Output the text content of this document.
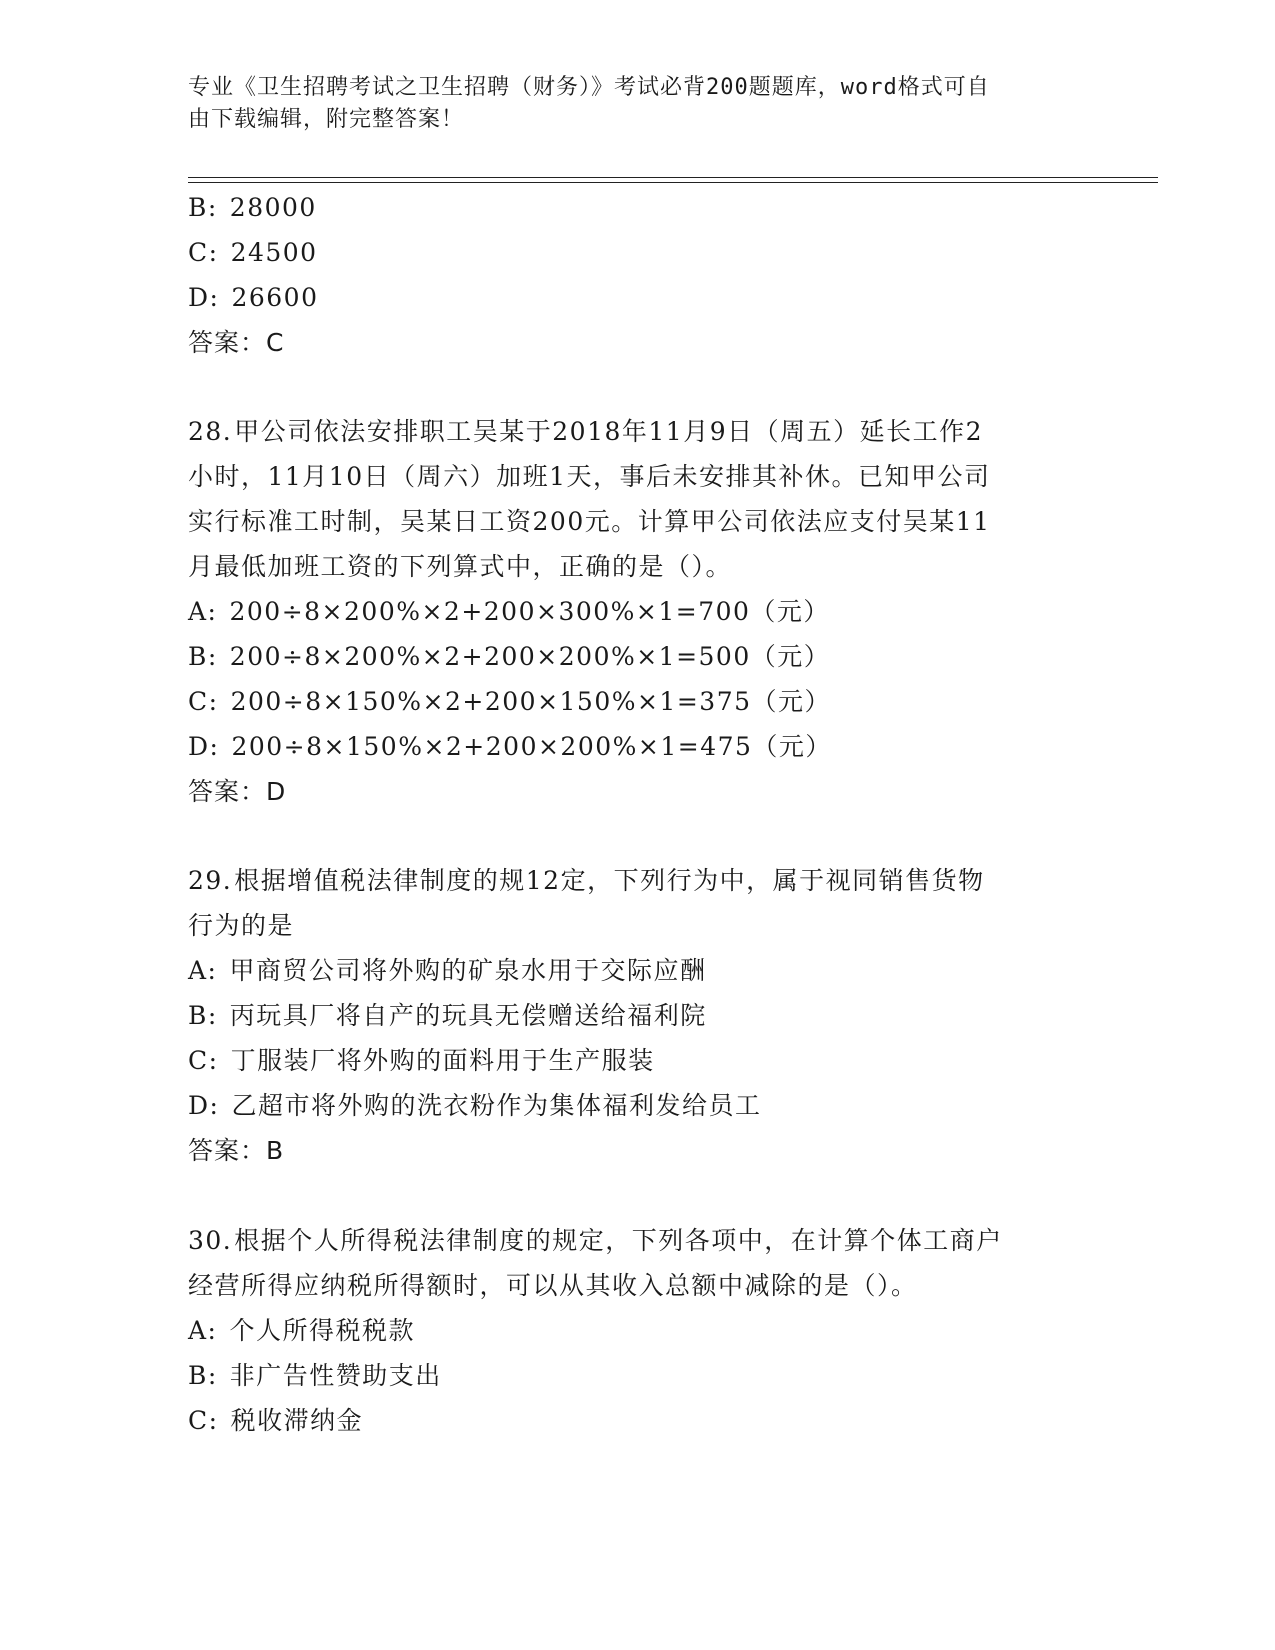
专业《卫生招聘考试之卫生招聘（财务）》考试必背200题题库，word格式可自
由下载编辑，附完整答案！
B: 28000
C: 24500
D: 26600
答案：C
28.甲公司依法安排职工吴某于2018年11月9日（周五）延长工作2
小时，11月10日（周六）加班1天，事后未安排其补休。已知甲公司
实行标准工时制，吴某日工资200元。计算甲公司依法应支付吴某11
月最低加班工资的下列算式中，正确的是（）。
A: 200÷8×200%×2+200×300%×1=700（元）
B: 200÷8×200%×2+200×200%×1=500（元）
C: 200÷8×150%×2+200×150%×1=375（元）
D: 200÷8×150%×2+200×200%×1=475（元）
答案：D
29.根据增值税法律制度的规12定，下列行为中，属于视同销售货物
行为的是
A: 甲商贸公司将外购的矿泉水用于交际应酬
B: 丙玩具厂将自产的玩具无偿赠送给福利院
C: 丁服装厂将外购的面料用于生产服装
D: 乙超市将外购的洗衣粉作为集体福利发给员工
答案：B
30.根据个人所得税法律制度的规定，下列各项中，在计算个体工商户
经营所得应纳税所得额时，可以从其收入总额中减除的是（）。
A: 个人所得税税款
B: 非广告性赞助支出
C: 税收滞纳金
